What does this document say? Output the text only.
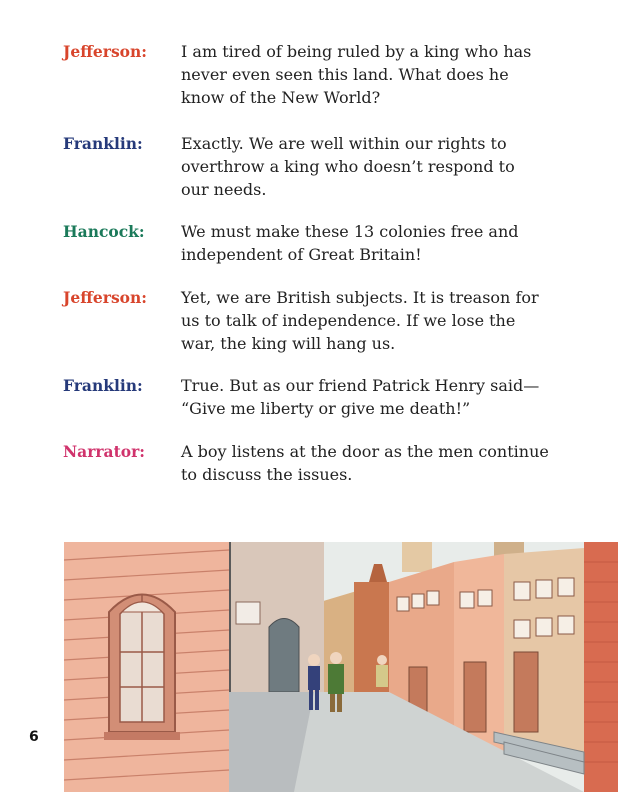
Jefferson:	I am tired of being ruled by a king who has
never even seen this land. What does he
know of the New World?
Franklin:	Exactly. We are well within our rights to
overthrow a king who doesn’t respond to
our needs.
Hancock:	We must make these 13 colonies free and
independent of Great Britain!
Jefferson:	Yet, we are British subjects. It is treason for
us to talk of independence. If we lose the
war, the king will hang us.
Franklin:	True. But as our friend Patrick Henry said—
“Give me liberty or give me death!”
Narrator:	A boy listens at the door as the men continue
to discuss the issues.
6
